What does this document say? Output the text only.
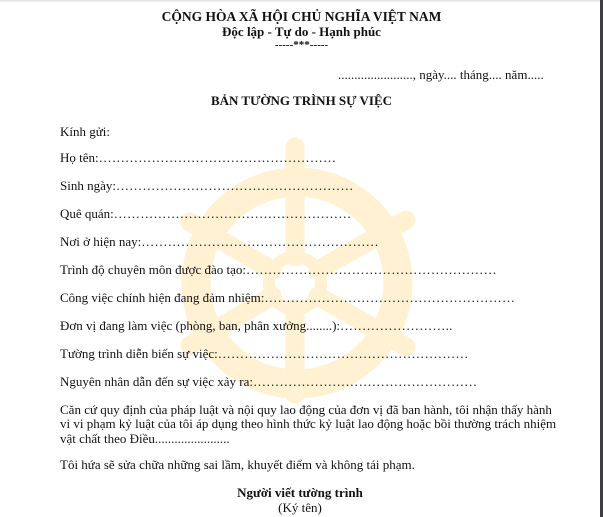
CỘNG HÒA XÃ HỘI CHỦ NGHĨA VIỆT NAM
Độc lập - Tự do - Hạnh phúc
-----***-----
......................., ngày.... tháng.... năm.....
BẢN TƯỜNG TRÌNH SỰ VIỆC
Kính gửi:
Họ tên:………………………………………………
Sinh ngày:………………………………………………
Quê quán:………………………………………………
Nơi ở hiện nay:………………………………………………
Trình độ chuyên môn được đào tạo:…………………………………………………
Công việc chính hiện đang đảm nhiệm:…………………………………………………
Đơn vị đang làm việc (phòng, ban, phân xưởng........):……………………..
Tường trình diễn biến sự việc:…………………………………………………
Nguyên nhân dẫn đến sự việc xảy ra:……………………………………………
Căn cứ quy định của pháp luật và nội quy lao động của đơn vị đã ban hành, tôi nhận thấy hành vi vi phạm kỷ luật của tôi áp dụng theo hình thức kỷ luật lao động hoặc bồi thường trách nhiệm vật chất theo Điều.......................
Tôi hứa sẽ sửa chữa những sai lầm, khuyết điểm và không tái phạm.
Người viết tường trình
(Ký tên)
